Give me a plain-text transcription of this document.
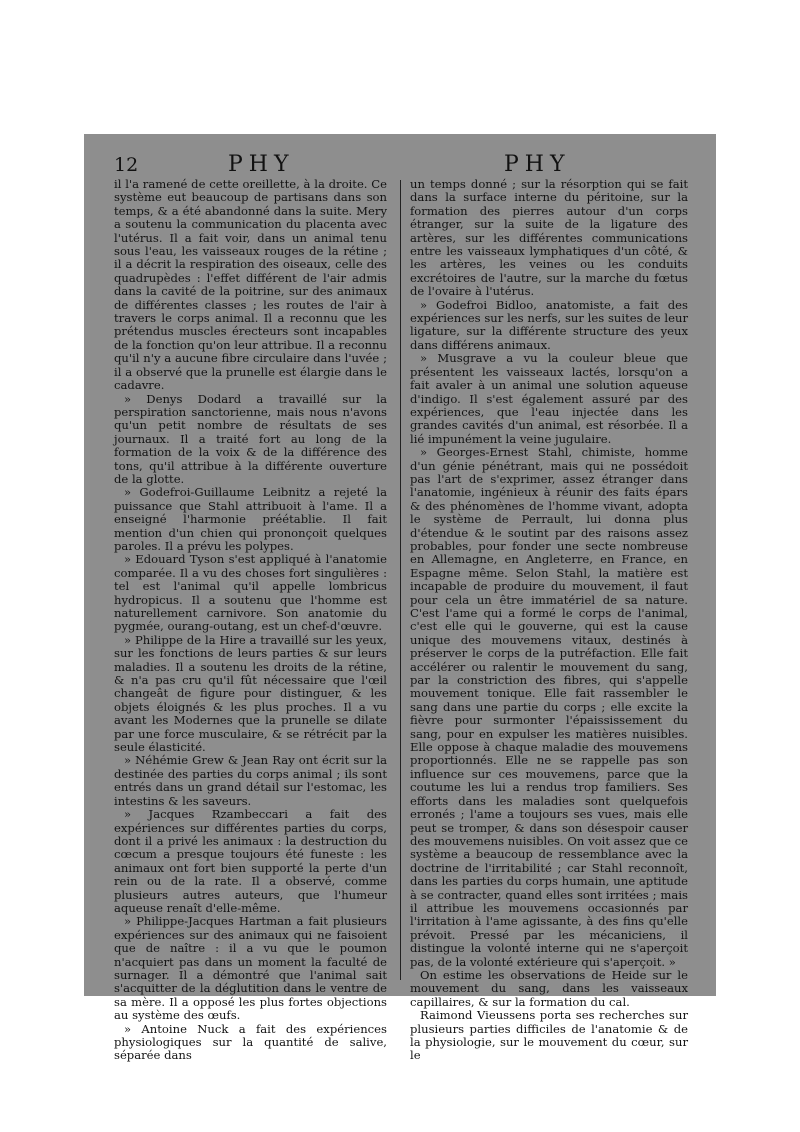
12	PHY	PHY

il l'a ramené de cette oreillette, à la droite. Ce système eut beaucoup de partisans dans son temps, & a été abandonné dans la suite. Mery a soutenu la communication du placenta avec l'utérus. Il a fait voir, dans un animal tenu sous l'eau, les vaisseaux rouges de la rétine ; il a décrit la respiration des oiseaux, celle des quadrupèdes : l'effet différent de l'air admis dans la cavité de la poitrine, sur des animaux de différentes classes ; les routes de l'air à travers le corps animal. Il a reconnu que les prétendus muscles érecteurs sont incapables de la fonction qu'on leur attribue. Il a reconnu qu'il n'y a aucune fibre circulaire dans l'uvée ; il a observé que la prunelle est élargie dans le cadavre.

» Denys Dodard a travaillé sur la perspiration sanctorienne, mais nous n'avons qu'un petit nombre de résultats de ses journaux. Il a traité fort au long de la formation de la voix & de la différence des tons, qu'il attribue à la différente ouverture de la glotte.

» Godefroi-Guillaume Leibnitz a rejeté la puissance que Stahl attribuoit à l'ame. Il a enseigné l'harmonie préétablie. Il fait mention d'un chien qui prononçoit quelques paroles. Il a prévu les polypes.

» Edouard Tyson s'est appliqué à l'anatomie comparée. Il a vu des choses fort singulières : tel est l'animal qu'il appelle lombricus hydropicus. Il a soutenu que l'homme est naturellement carnivore. Son anatomie du pygmée, ourang-outang, est un chef-d'œuvre.

» Philippe de la Hire a travaillé sur les yeux, sur les fonctions de leurs parties & sur leurs maladies. Il a soutenu les droits de la rétine, & n'a pas cru qu'il fût nécessaire que l'œil changeât de figure pour distinguer, & les objets éloignés & les plus proches. Il a vu avant les Modernes que la prunelle se dilate par une force musculaire, & se rétrécit par la seule élasticité.

» Néhémie Grew & Jean Ray ont écrit sur la destinée des parties du corps animal ; ils sont entrés dans un grand détail sur l'estomac, les intestins & les saveurs.

» Jacques Rzambeccari a fait des expériences sur différentes parties du corps, dont il a privé les animaux : la destruction du cœcum a presque toujours été funeste : les animaux ont fort bien supporté la perte d'un rein ou de la rate. Il a observé, comme plusieurs autres auteurs, que l'humeur aqueuse renaît d'elle-même.

» Philippe-Jacques Hartman a fait plusieurs expériences sur des animaux qui ne faisoient que de naître : il a vu que le poumon n'acquiert pas dans un moment la faculté de surnager. Il a démontré que l'animal sait s'acquitter de la déglutition dans le ventre de sa mère. Il a opposé les plus fortes objections au système des œufs.

» Antoine Nuck a fait des expériences physiologiques sur la quantité de salive, séparée dans

un temps donné ; sur la résorption qui se fait dans la surface interne du péritoine, sur la formation des pierres autour d'un corps étranger, sur la suite de la ligature des artères, sur les différentes communications entre les vaisseaux lymphatiques d'un côté, & les artères, les veines ou les conduits excrétoires de l'autre, sur la marche du fœtus de l'ovaire à l'utérus.

» Godefroi Bidloo, anatomiste, a fait des expériences sur les nerfs, sur les suites de leur ligature, sur la différente structure des yeux dans différens animaux.

» Musgrave a vu la couleur bleue que présentent les vaisseaux lactés, lorsqu'on a fait avaler à un animal une solution aqueuse d'indigo. Il s'est également assuré par des expériences, que l'eau injectée dans les grandes cavités d'un animal, est résorbée. Il a lié impunément la veine jugulaire.

» Georges-Ernest Stahl, chimiste, homme d'un génie pénétrant, mais qui ne possédoit pas l'art de s'exprimer, assez étranger dans l'anatomie, ingénieux à réunir des faits épars & des phénomènes de l'homme vivant, adopta le système de Perrault, lui donna plus d'étendue & le soutint par des raisons assez probables, pour fonder une secte nombreuse en Allemagne, en Angleterre, en France, en Espagne même. Selon Stahl, la matière est incapable de produire du mouvement, il faut pour cela un être immatériel de sa nature. C'est l'ame qui a formé le corps de l'animal, c'est elle qui le gouverne, qui est la cause unique des mouvemens vitaux, destinés à préserver le corps de la putréfaction. Elle fait accélérer ou ralentir le mouvement du sang, par la constriction des fibres, qui s'appelle mouvement tonique. Elle fait rassembler le sang dans une partie du corps ; elle excite la fièvre pour surmonter l'épaississement du sang, pour en expulser les matières nuisibles. Elle oppose à chaque maladie des mouvemens proportionnés. Elle ne se rappelle pas son influence sur ces mouvemens, parce que la coutume les lui a rendus trop familiers. Ses efforts dans les maladies sont quelquefois erronés ; l'ame a toujours ses vues, mais elle peut se tromper, & dans son désespoir causer des mouvemens nuisibles. On voit assez que ce système a beaucoup de ressemblance avec la doctrine de l'irritabilité ; car Stahl reconnoît, dans les parties du corps humain, une aptitude à se contracter, quand elles sont irritées ; mais il attribue les mouvemens occasionnés par l'irritation à l'ame agissante, à des fins qu'elle prévoit. Pressé par les mécaniciens, il distingue la volonté interne qui ne s'aperçoit pas, de la volonté extérieure qui s'aperçoit. »

On estime les observations de Heide sur le mouvement du sang, dans les vaisseaux capillaires, & sur la formation du cal.

Raimond Vieussens porta ses recherches sur plusieurs parties difficiles de l'anatomie & de la physiologie, sur le mouvement du cœur, sur le
